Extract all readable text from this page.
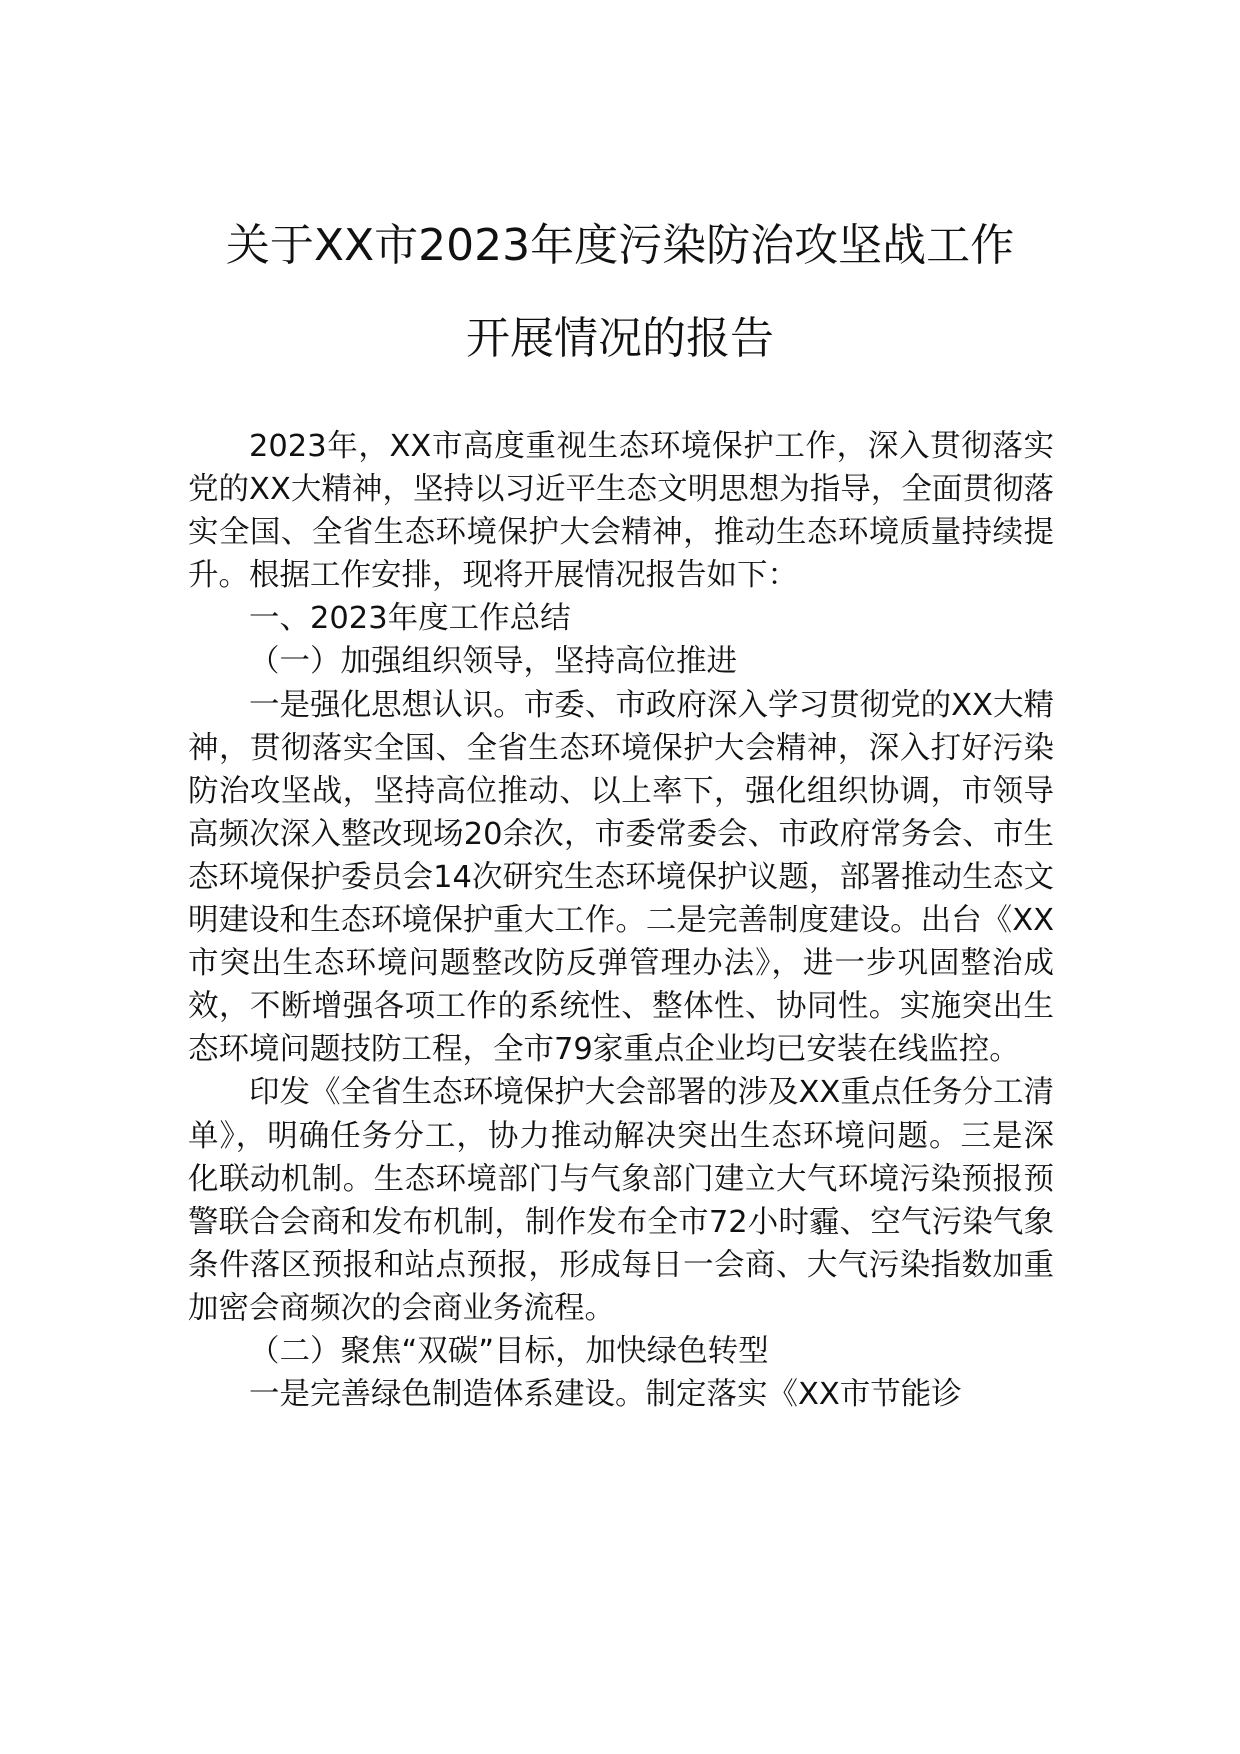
关于XX市2023年度污染防治攻坚战工作
开展情况的报告

2023年，XX市高度重视生态环境保护工作，深入贯彻落实党的XX大精神，坚持以习近平生态文明思想为指导，全面贯彻落实全国、全省生态环境保护大会精神，推动生态环境质量持续提升。根据工作安排，现将开展情况报告如下：

一、2023年度工作总结

（一）加强组织领导，坚持高位推进

一是强化思想认识。市委、市政府深入学习贯彻党的XX大精神，贯彻落实全国、全省生态环境保护大会精神，深入打好污染防治攻坚战，坚持高位推动、以上率下，强化组织协调，市领导高频次深入整改现场20余次，市委常委会、市政府常务会、市生态环境保护委员会14次研究生态环境保护议题，部署推动生态文明建设和生态环境保护重大工作。二是完善制度建设。出台《XX市突出生态环境问题整改防反弹管理办法》，进一步巩固整治成效，不断增强各项工作的系统性、整体性、协同性。实施突出生态环境问题技防工程，全市79家重点企业均已安装在线监控。

印发《全省生态环境保护大会部署的涉及XX重点任务分工清单》，明确任务分工，协力推动解决突出生态环境问题。三是深化联动机制。生态环境部门与气象部门建立大气环境污染预报预警联合会商和发布机制，制作发布全市72小时霾、空气污染气象条件落区预报和站点预报，形成每日一会商、大气污染指数加重加密会商频次的会商业务流程。

（二）聚焦“双碳”目标，加快绿色转型

一是完善绿色制造体系建设。制定落实《XX市节能诊
